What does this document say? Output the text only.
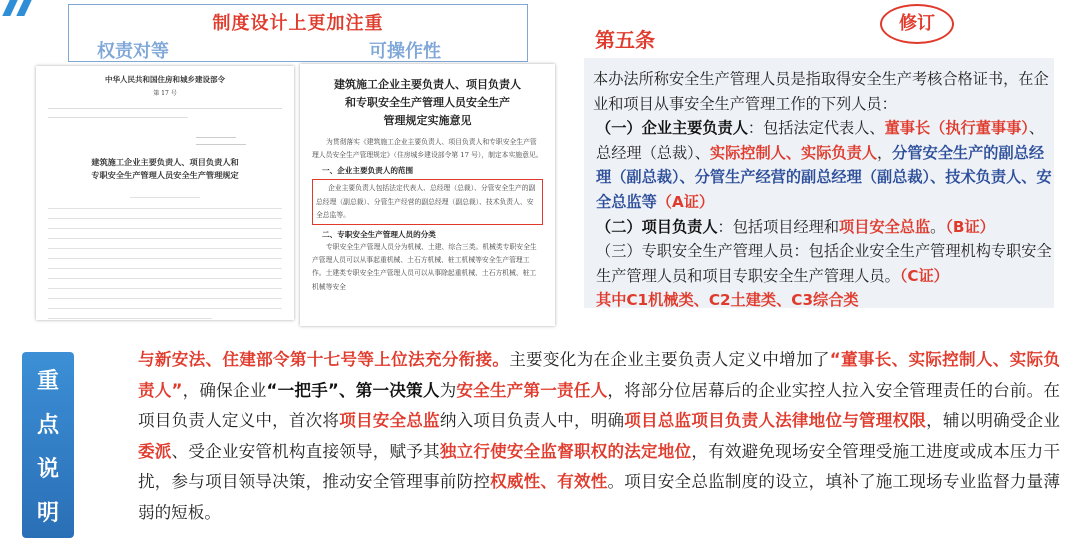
制度设计上更加注重
权责对等	可操作性
中华人民共和国住房和城乡建设部令
第 17 号
建筑施工企业主要负责人、项目负责人和
专职安全生产管理人员安全生产管理规定
建筑施工企业主要负责人、项目负责人
和专职安全生产管理人员安全生产
管理规定实施意见
为贯彻落实《建筑施工企业主要负责人、项目负责人和专职安全生产管理人员安全生产管理规定》（住房城乡建设部令第 17 号），制定本实施意见。
一、企业主要负责人的范围
企业主要负责人包括法定代表人、总经理（总裁）、分管安全生产的副总经理（副总裁）、分管生产经营的副总经理（副总裁）、技术负责人、安全总监等。
二、专职安全生产管理人员的分类
专职安全生产管理人员分为机械、土建、综合三类。机械类专职安全生产管理人员可以从事起重机械、土石方机械、桩工机械等安全生产管理工作。土建类专职安全生产管理人员可以从事除起重机械、土石方机械、桩工机械等安全
第五条
修订
本办法所称安全生产管理人员是指取得安全生产考核合格证书，在企业和项目从事安全生产管理工作的下列人员：
（一）企业主要负责人：包括法定代表人、董事长（执行董事事）、总经理（总裁）、实际控制人、实际负责人，分管安全生产的副总经理（副总裁）、分管生产经营的副总经理（副总裁）、技术负责人、安全总监等（A证）
（二）项目负责人：包括项目经理和项目安全总监。（B证）
（三）专职安全生产管理人员：包括企业安全生产管理机构专职安全生产管理人员和项目专职安全生产管理人员。（C证）
其中C1机械类、C2土建类、C3综合类
重
点
说
明
与新安法、住建部令第十七号等上位法充分衔接。主要变化为在企业主要负责人定义中增加了“董事长、实际控制人、实际负责人”，确保企业“一把手”、第一决策人为安全生产第一责任人，将部分位居幕后的企业实控人拉入安全管理责任的台前。在项目负责人定义中，首次将项目安全总监纳入项目负责人中，明确项目总监项目负责人法律地位与管理权限，辅以明确受企业委派、受企业安管机构直接领导，赋予其独立行使安全监督职权的法定地位，有效避免现场安全管理受施工进度或成本压力干扰，参与项目领导决策，推动安全管理事前防控权威性、有效性。项目安全总监制度的设立，填补了施工现场专业监督力量薄弱的短板。
